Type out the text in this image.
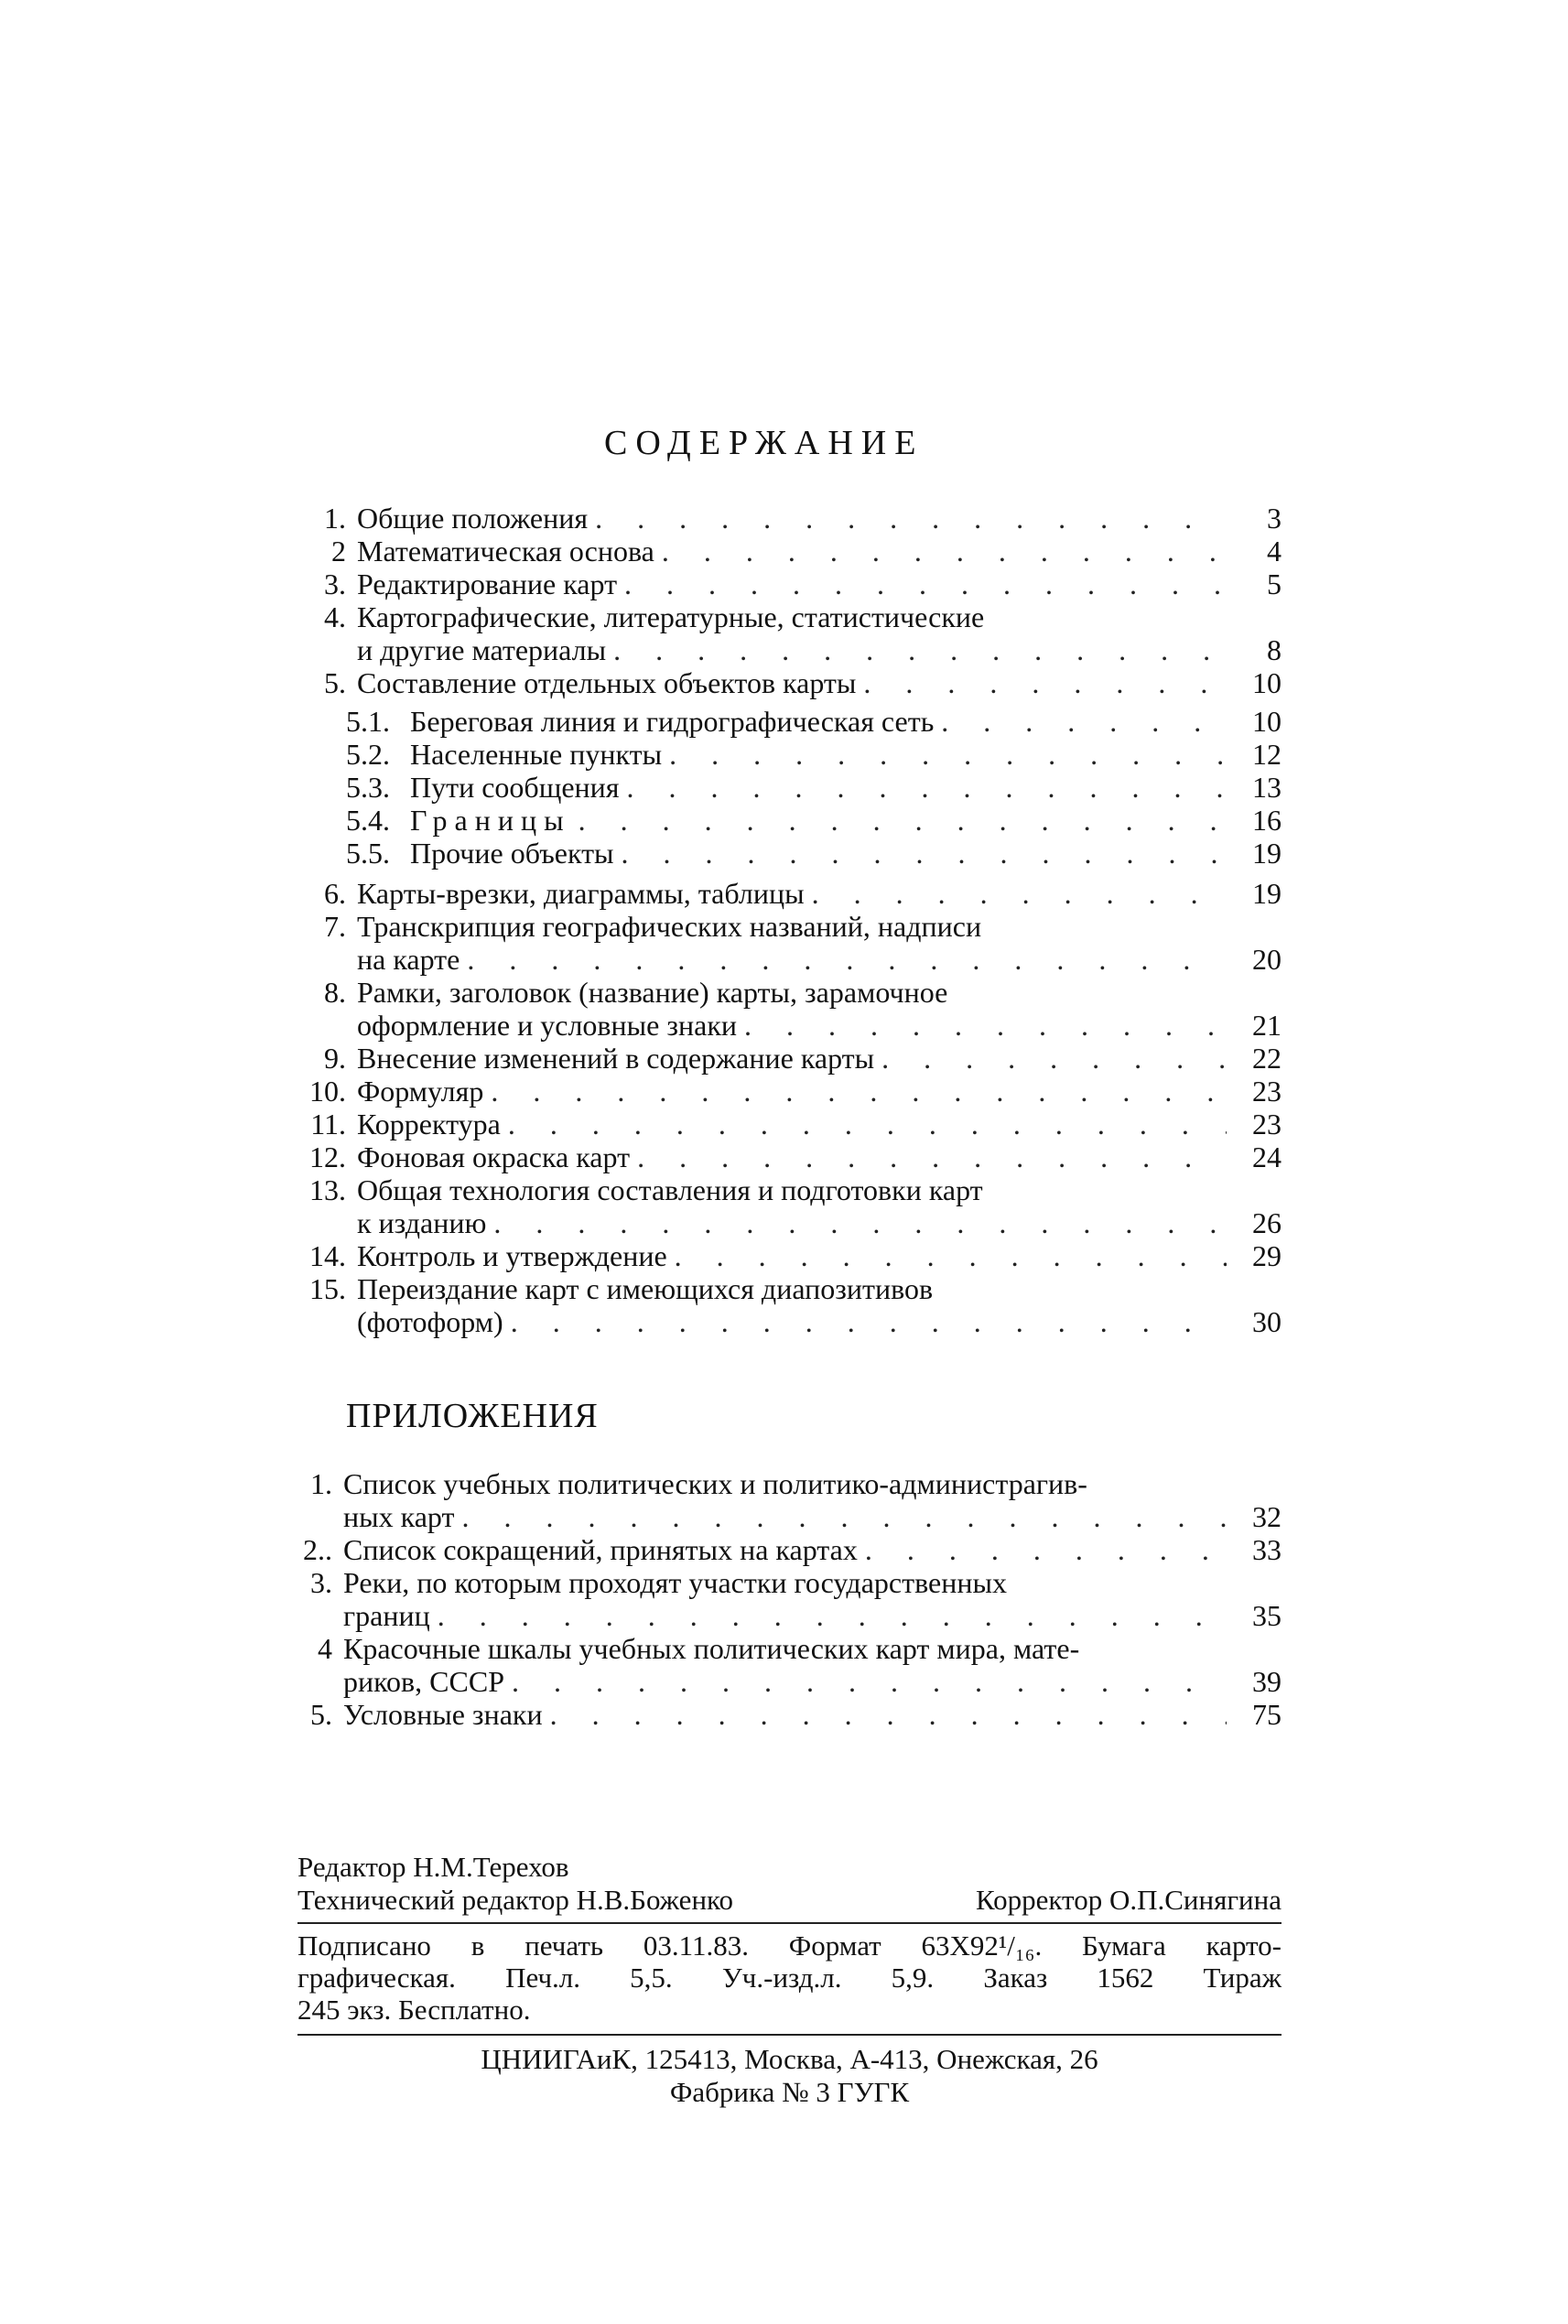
СОДЕРЖАНИЕ
1. Общие положения . . .	3
2 Математическая основа . . .	4
3. Редактирование карт . . .	5
4. Картографические, литературные, статистические
и другие материалы . . .	8
5. Составление отдельных объектов карты . . .	10
5.1. Береговая линия и гидрографическая сеть . . .	10
5.2. Населенные пункты . . .	12
5.3. Пути сообщения . . .	13
5.4. Границы . . .	16
5.5. Прочие объекты . . .	19
6. Карты-врезки, диаграммы, таблицы . . .	19
7. Транскрипция географических названий, надписи
на карте . . .	20
8. Рамки, заголовок (название) карты, зарамочное
оформление и условные знаки . . .	21
9. Внесение изменений в содержание карты . . .	22
10. Формуляр . . .	23
11. Корректура . . .	23
12. Фоновая окраска карт . . .	24
13. Общая технология составления и подготовки карт
к изданию . . .	26
14. Контроль и утверждение . . .	29
15. Переиздание карт с имеющихся диапозитивов
(фотоформ) . . .	30
ПРИЛОЖЕНИЯ
1. Список учебных политических и политико-администрагив-
ных карт . . .	32
2.. Список сокращений, принятых на картах . . .	33
3. Реки, по которым проходят участки государственных
границ . . .	35
4 Красочные шкалы учебных политических карт мира, мате-
риков, СССР . . .	39
5. Условные знаки . . .	75
Редактор Н.М.Терехов
Технический редактор Н.В.Боженко	Корректор О.П.Синягина
Подписано в печать 03.11.83. Формат 63X92¹/₁₆. Бумага карто-
графическая. Печ.л. 5,5. Уч.-изд.л. 5,9. Заказ 1562 Тираж
245 экз. Бесплатно.
ЦНИИГАиК, 125413, Москва, А-413, Онежская, 26
Фабрика № 3 ГУГК
